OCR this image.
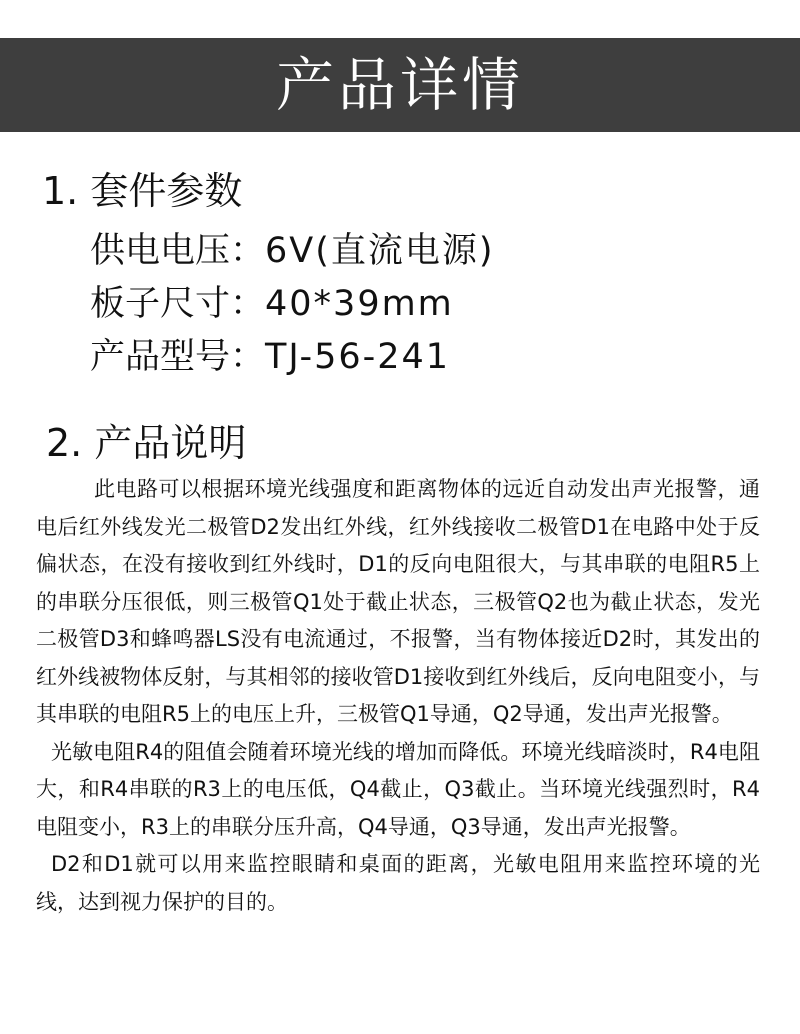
产品详情
1. 套件参数
供电电压：6V(直流电源)
板子尺寸：40*39mm
产品型号：TJ-56-241
2. 产品说明

此电路可以根据环境光线强度和距离物体的远近自动发出声光报警，通电后红外线发光二极管D2发出红外线，红外线接收二极管D1在电路中处于反偏状态，在没有接收到红外线时，D1的反向电阻很大，与其串联的电阻R5上的串联分压很低，则三极管Q1处于截止状态，三极管Q2也为截止状态，发光二极管D3和蜂鸣器LS没有电流通过，不报警，当有物体接近D2时，其发出的红外线被物体反射，与其相邻的接收管D1接收到红外线后，反向电阻变小，与其串联的电阻R5上的电压上升，三极管Q1导通，Q2导通，发出声光报警。

光敏电阻R4的阻值会随着环境光线的增加而降低。环境光线暗淡时，R4电阻大，和R4串联的R3上的电压低，Q4截止，Q3截止。当环境光线强烈时，R4电阻变小，R3上的串联分压升高，Q4导通，Q3导通，发出声光报警。

D2和D1就可以用来监控眼睛和桌面的距离，光敏电阻用来监控环境的光线，达到视力保护的目的。
